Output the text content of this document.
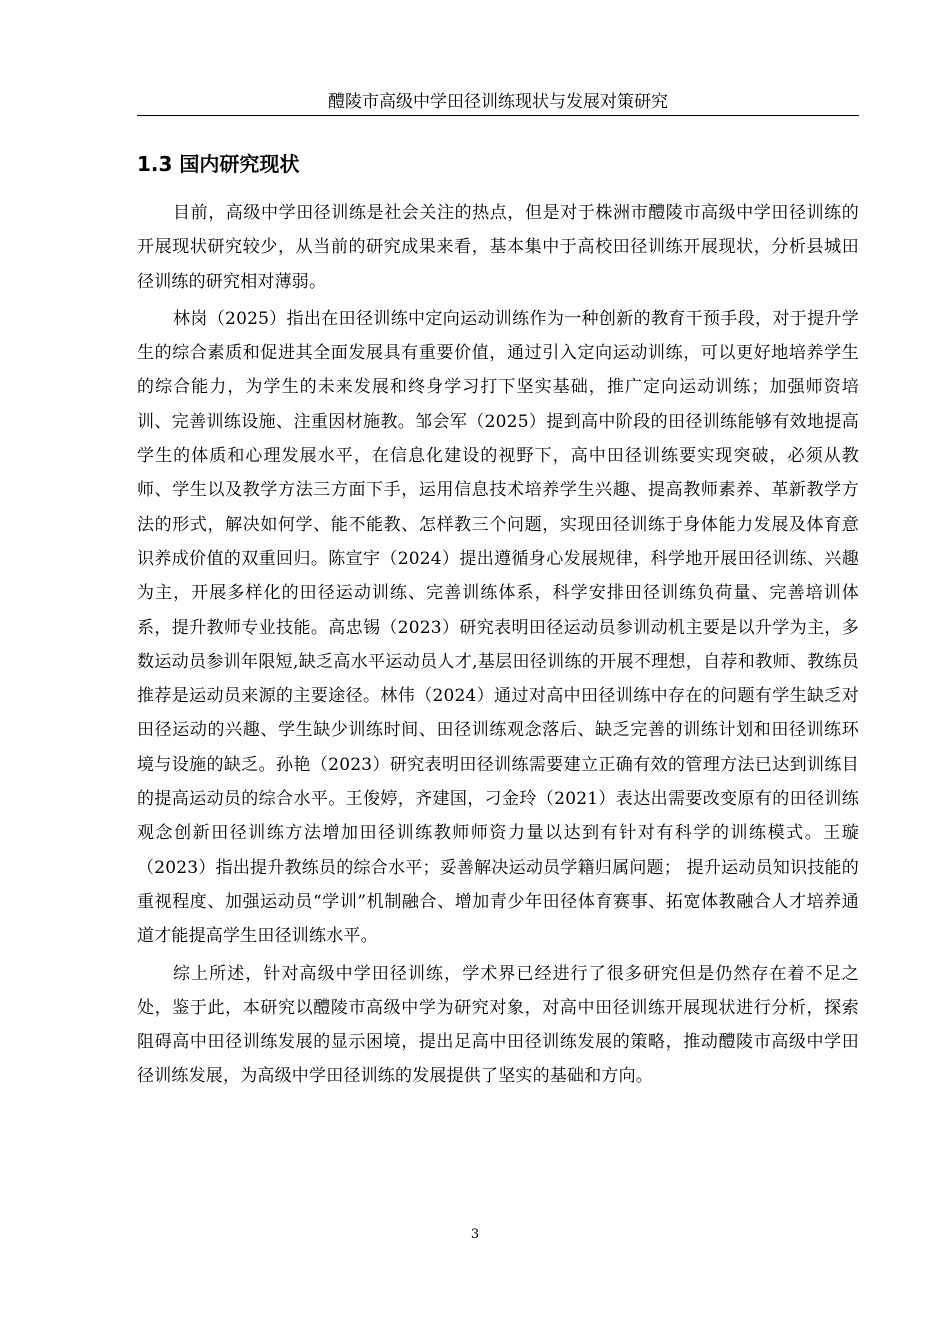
醴陵市高级中学田径训练现状与发展对策研究
1.3 国内研究现状

目前，高级中学田径训练是社会关注的热点，但是对于株洲市醴陵市高级中学田径训练的开展现状研究较少，从当前的研究成果来看，基本集中于高校田径训练开展现状，分析县城田径训练的研究相对薄弱。

林岗（2025）指出在田径训练中定向运动训练作为一种创新的教育干预手段，对于提升学生的综合素质和促进其全面发展具有重要价值，通过引入定向运动训练，可以更好地培养学生的综合能力，为学生的未来发展和终身学习打下坚实基础，推广定向运动训练；加强师资培训、完善训练设施、注重因材施教。邹会军（2025）提到高中阶段的田径训练能够有效地提高学生的体质和心理发展水平，在信息化建设的视野下，高中田径训练要实现突破，必须从教师、学生以及教学方法三方面下手，运用信息技术培养学生兴趣、提高教师素养、革新教学方法的形式，解决如何学、能不能教、怎样教三个问题，实现田径训练于身体能力发展及体育意识养成价值的双重回归。陈宣宇（2024）提出遵循身心发展规律，科学地开展田径训练、兴趣为主，开展多样化的田径运动训练、完善训练体系，科学安排田径训练负荷量、完善培训体系，提升教师专业技能。高忠锡（2023）研究表明田径运动员参训动机主要是以升学为主，多数运动员参训年限短,缺乏高水平运动员人才,基层田径训练的开展不理想，自荐和教师、教练员推荐是运动员来源的主要途径。林伟（2024）通过对高中田径训练中存在的问题有学生缺乏对田径运动的兴趣、学生缺少训练时间、田径训练观念落后、缺乏完善的训练计划和田径训练环境与设施的缺乏。孙艳（2023）研究表明田径训练需要建立正确有效的管理方法已达到训练目的提高运动员的综合水平。王俊婷，齐建国，刁金玲（2021）表达出需要改变原有的田径训练观念创新田径训练方法增加田径训练教师师资力量以达到有针对有科学的训练模式。王璇（2023）指出提升教练员的综合水平；妥善解决运动员学籍归属问题； 提升运动员知识技能的重视程度、加强运动员“学训”机制融合、增加青少年田径体育赛事、拓宽体教融合人才培养通道才能提高学生田径训练水平。

综上所述，针对高级中学田径训练，学术界已经进行了很多研究但是仍然存在着不足之处，鉴于此，本研究以醴陵市高级中学为研究对象，对高中田径训练开展现状进行分析，探索阻碍高中田径训练发展的显示困境，提出足高中田径训练发展的策略，推动醴陵市高级中学田径训练发展，为高级中学田径训练的发展提供了坚实的基础和方向。

3
